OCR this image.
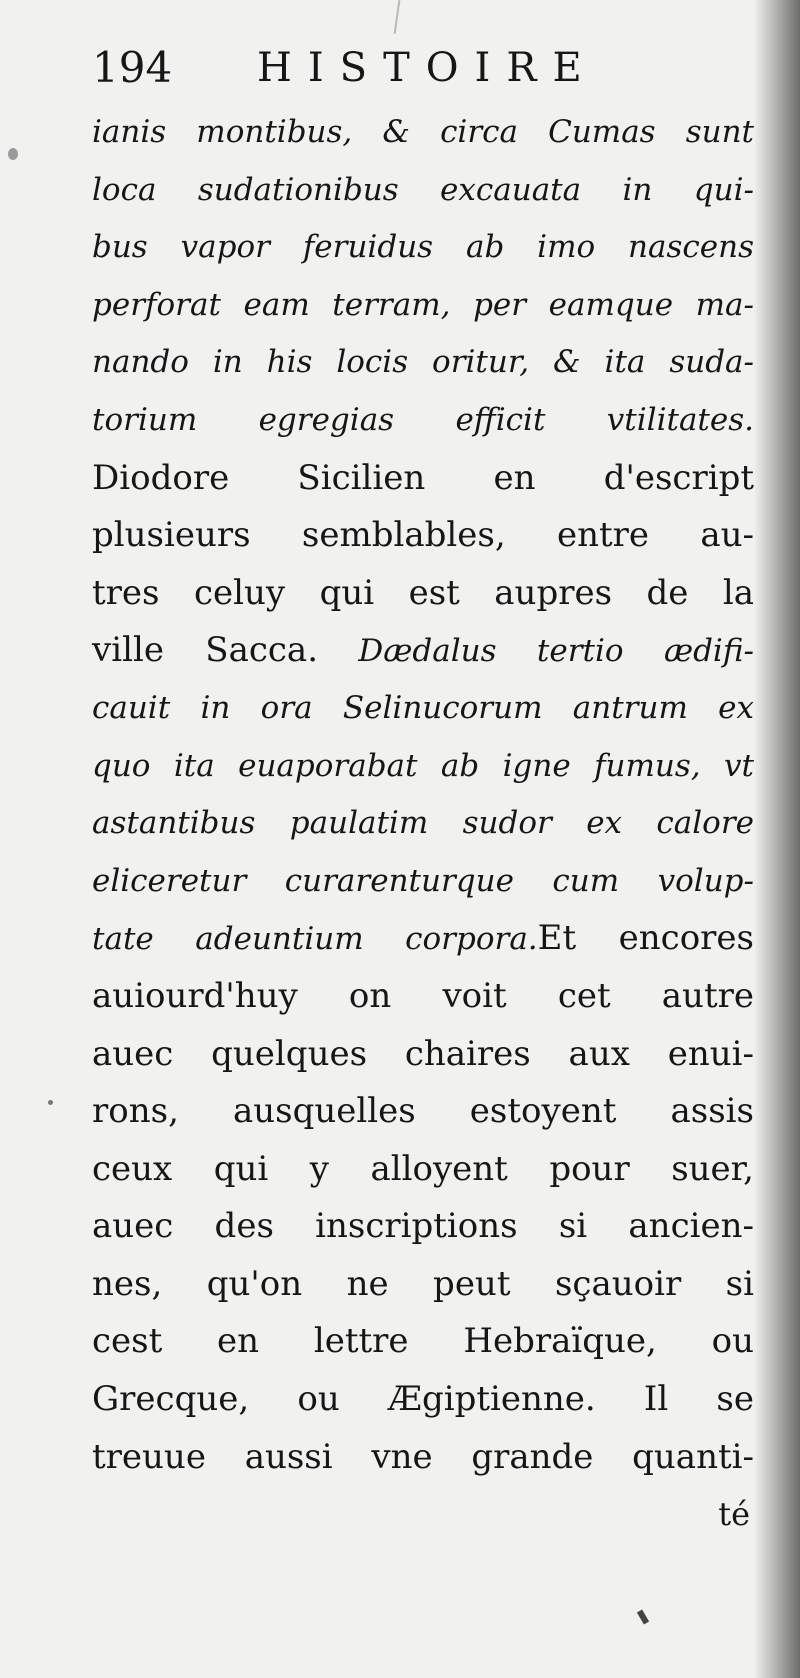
194 HISTOIRE
ianis montibus, & circa Cumas sunt
loca sudationibus excauata in qui-
bus vapor feruidus ab imo nascens
perforat eam terram, per eamque ma-
nando in his locis oritur, & ita suda-
torium egregias efficit vtilitates.
Diodore Sicilien en d'escript
plusieurs semblables, entre au-
tres celuy qui est aupres de la
ville Sacca. Dædalus tertio ædifi-
cauit in ora Selinucorum antrum ex
quo ita euaporabat ab igne fumus, vt
astantibus paulatim sudor ex calore
eliceretur curarenturque cum volup-
tate adeuntium corpora.Et encores
auiourd'huy on voit cet autre
auec quelques chaires aux enui-
rons, ausquelles estoyent assis
ceux qui y alloyent pour suer,
auec des inscriptions si ancien-
nes, qu'on ne peut sçauoir si
cest en lettre Hebraïque, ou
Grecque, ou Ægiptienne. Il se
treuue aussi vne grande quanti-
té
